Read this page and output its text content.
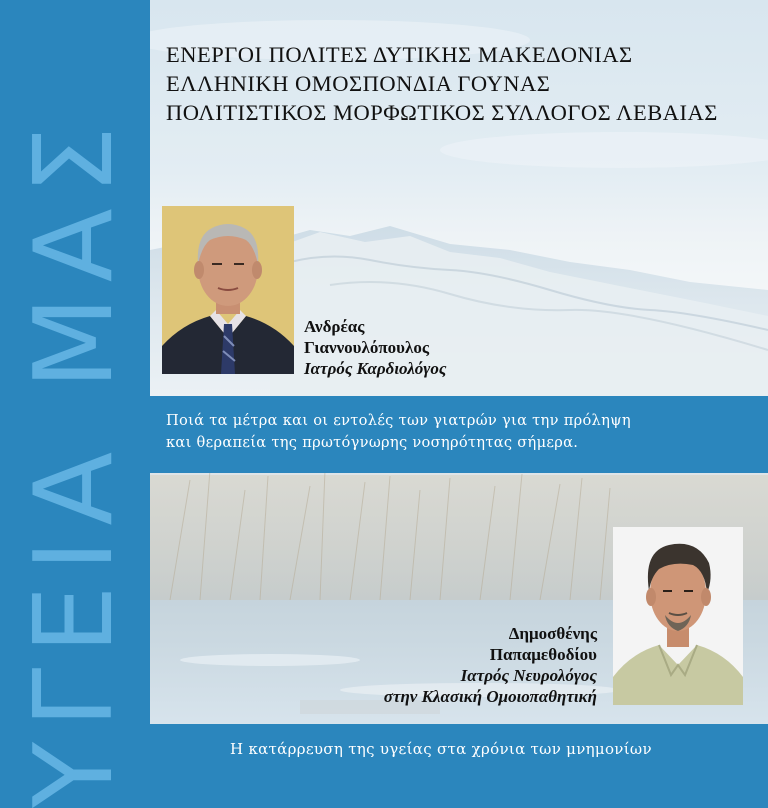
ΥΓΕΙΑ ΜΑΣ
ΕΝΕΡΓΟΙ ΠΟΛΙΤΕΣ ΔΥΤΙΚΗΣ ΜΑΚΕΔΟΝΙΑΣ
ΕΛΛΗΝΙΚΗ ΟΜΟΣΠΟΝΔΙΑ ΓΟΥΝΑΣ
ΠΟΛΙΤΙΣΤΙΚΟΣ ΜΟΡΦΩΤΙΚΟΣ ΣΥΛΛΟΓΟΣ ΛΕΒΑΙΑΣ
Ανδρέας
Γιαννουλόπουλος
Ιατρός Καρδιολόγος
Ποιά τα μέτρα και οι εντολές των γιατρών για την πρόληψη
και θεραπεία της πρωτόγνωρης νοσηρότητας σήμερα.
Δημοσθένης
Παπαμεθοδίου
Ιατρός Νευρολόγος
στην Κλασική Ομοιοπαθητική
Η κατάρρευση της υγείας στα χρόνια των μνημονίων
